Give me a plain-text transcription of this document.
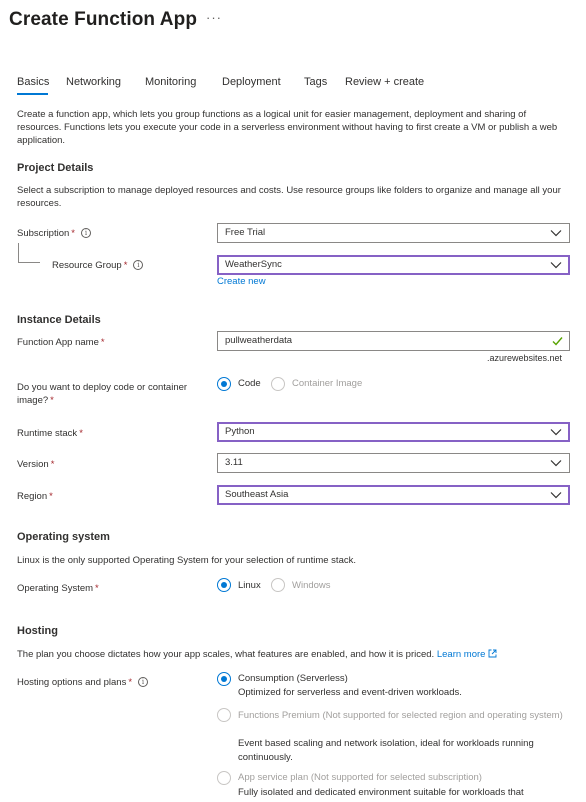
Create Function App ···
Basics Networking Monitoring Deployment Tags Review + create
Create a function app, which lets you group functions as a logical unit for easier management, deployment and sharing of resources. Functions lets you execute your code in a serverless environment without having to first create a VM or publish a web application.
Project Details
Select a subscription to manage deployed resources and costs. Use resource groups like folders to organize and manage all your resources.
Subscription * i	Free Trial
Resource Group * i	WeatherSync
Create new
Instance Details
Function App name *	pullweatherdata
.azurewebsites.net
Do you want to deploy code or container image? *
Code	Container Image
Runtime stack *	Python
Version *	3.11
Region *	Southeast Asia
Operating system
Linux is the only supported Operating System for your selection of runtime stack.
Operating System *	Linux	Windows
Hosting
The plan you choose dictates how your app scales, what features are enabled, and how it is priced. Learn more
Hosting options and plans * i	Consumption (Serverless)
Optimized for serverless and event-driven workloads.
Functions Premium (Not supported for selected region and operating system)
Event based scaling and network isolation, ideal for workloads running continuously.
App service plan (Not supported for selected subscription)
Fully isolated and dedicated environment suitable for workloads that
